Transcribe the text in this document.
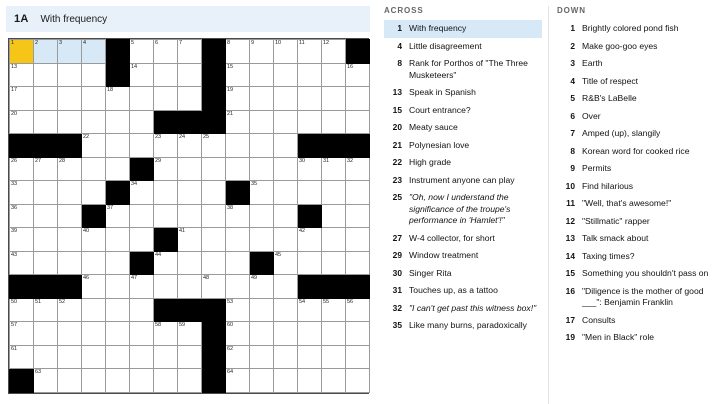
1A With frequency
1	2	3	4		5	6	7		8	9	10	11	12	

13					14				15					16

17				18					19					

20									21					

			22			23	24	25						

26	27	28				29						30	31	32

33					34					35				

36				37					38					

39			40				41					42		

43						44					45			

			46		47			48		49				

50	51	52							53			54	55	56

57						58	59		60					

61									62					

	63								64					

ACROSS
1 With frequency
4 Little disagreement
8 Rank for Porthos of "The Three Musketeers"
13 Speak in Spanish
15 Court entrance?
20 Meaty sauce
21 Polynesian love
22 High grade
23 Instrument anyone can play
25 "Oh, now I understand the significance of the troupe's performance in 'Hamlet'!"
27 W-4 collector, for short
29 Window treatment
30 Singer Rita
31 Touches up, as a tattoo
32 "I can't get past this witness box!"
35 Like many burns, paradoxically
DOWN
1 Brightly colored pond fish
2 Make goo-goo eyes
3 Earth
4 Title of respect
5 R&B's LaBelle
6 Over
7 Amped (up), slangily
8 Korean word for cooked rice
9 Permits
10 Find hilarious
11 "Well, that's awesome!"
12 "Stillmatic" rapper
13 Talk smack about
14 Taxing times?
15 Something you shouldn't pass on
16 "Diligence is the mother of good ___": Benjamin Franklin
17 Consults
19 "Men in Black" role
